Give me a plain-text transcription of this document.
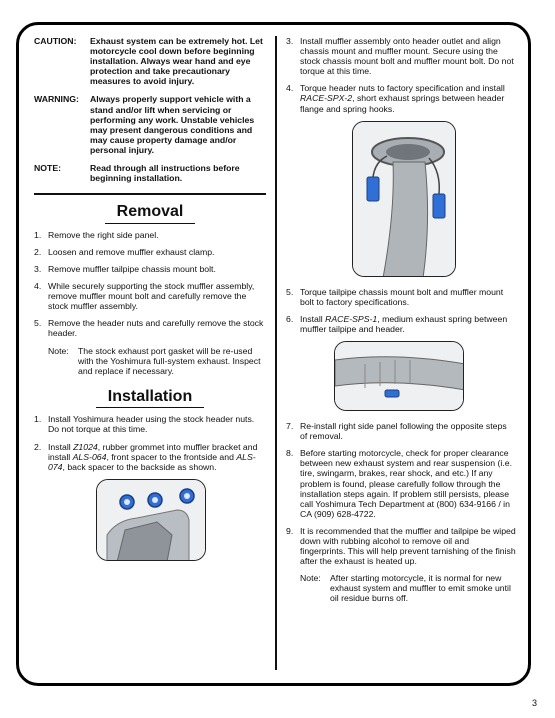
CAUTION:	Exhaust system can be extremely hot. Let motorcycle cool down before beginning installation. Always wear hand and eye protection and take precautionary measures to avoid injury.
WARNING:	Always properly support vehicle with a stand and/or lift when servicing or performing any work. Unstable vehicles may present dangerous conditions and may cause property damage and/or personal injury.
NOTE:	Read through all instructions before beginning installation.
Removal
1. Remove the right side panel.
2. Loosen and remove muffler exhaust clamp.
3. Remove muffler tailpipe chassis mount bolt.
4. While securely supporting the stock muffler assembly, remove muffler mount bolt and carefully remove the stock muffler assembly.
5. Remove the header nuts and carefully remove the stock header.
Note:	The stock exhaust port gasket will be re-used with the Yoshimura full-system exhaust. Inspect and replace if necessary.
Installation
1. Install Yoshimura header using the stock header nuts. Do not torque at this time.
2. Install Z1024, rubber grommet into muffler bracket and install ALS-064, front spacer to the frontside and ALS-074, back spacer to the backside as shown.
3. Install muffler assembly onto header outlet and align chassis mount and muffler mount. Secure using the stock chassis mount bolt and muffler mount bolt. Do not torque at this time.
4. Torque header nuts to factory specification and install RACE-SPX-2, short exhaust springs between header flange and spring hooks.
5. Torque tailpipe chassis mount bolt and muffler mount bolt to factory specifications.
6. Install RACE-SPS-1, medium exhaust spring between muffler tailpipe and header.
7. Re-install right side panel following the opposite steps of removal.
8. Before starting motorcycle, check for proper clearance between new exhaust system and rear suspension (i.e. tire, swingarm, brakes, rear shock, and etc.) If any problem is found, please carefully follow through the installation steps again. If problem still persists, please call Yoshimura Tech Department at (800) 634-9166 / in CA (909) 628-4722.
9. It is recommended that the muffler and tailpipe be wiped down with rubbing alcohol to remove oil and fingerprints. This will help prevent tarnishing of the finish after the exhaust is heated up.
Note:	After starting motorcycle, it is normal for new exhaust system and muffler to emit smoke until oil residue burns off.
3
